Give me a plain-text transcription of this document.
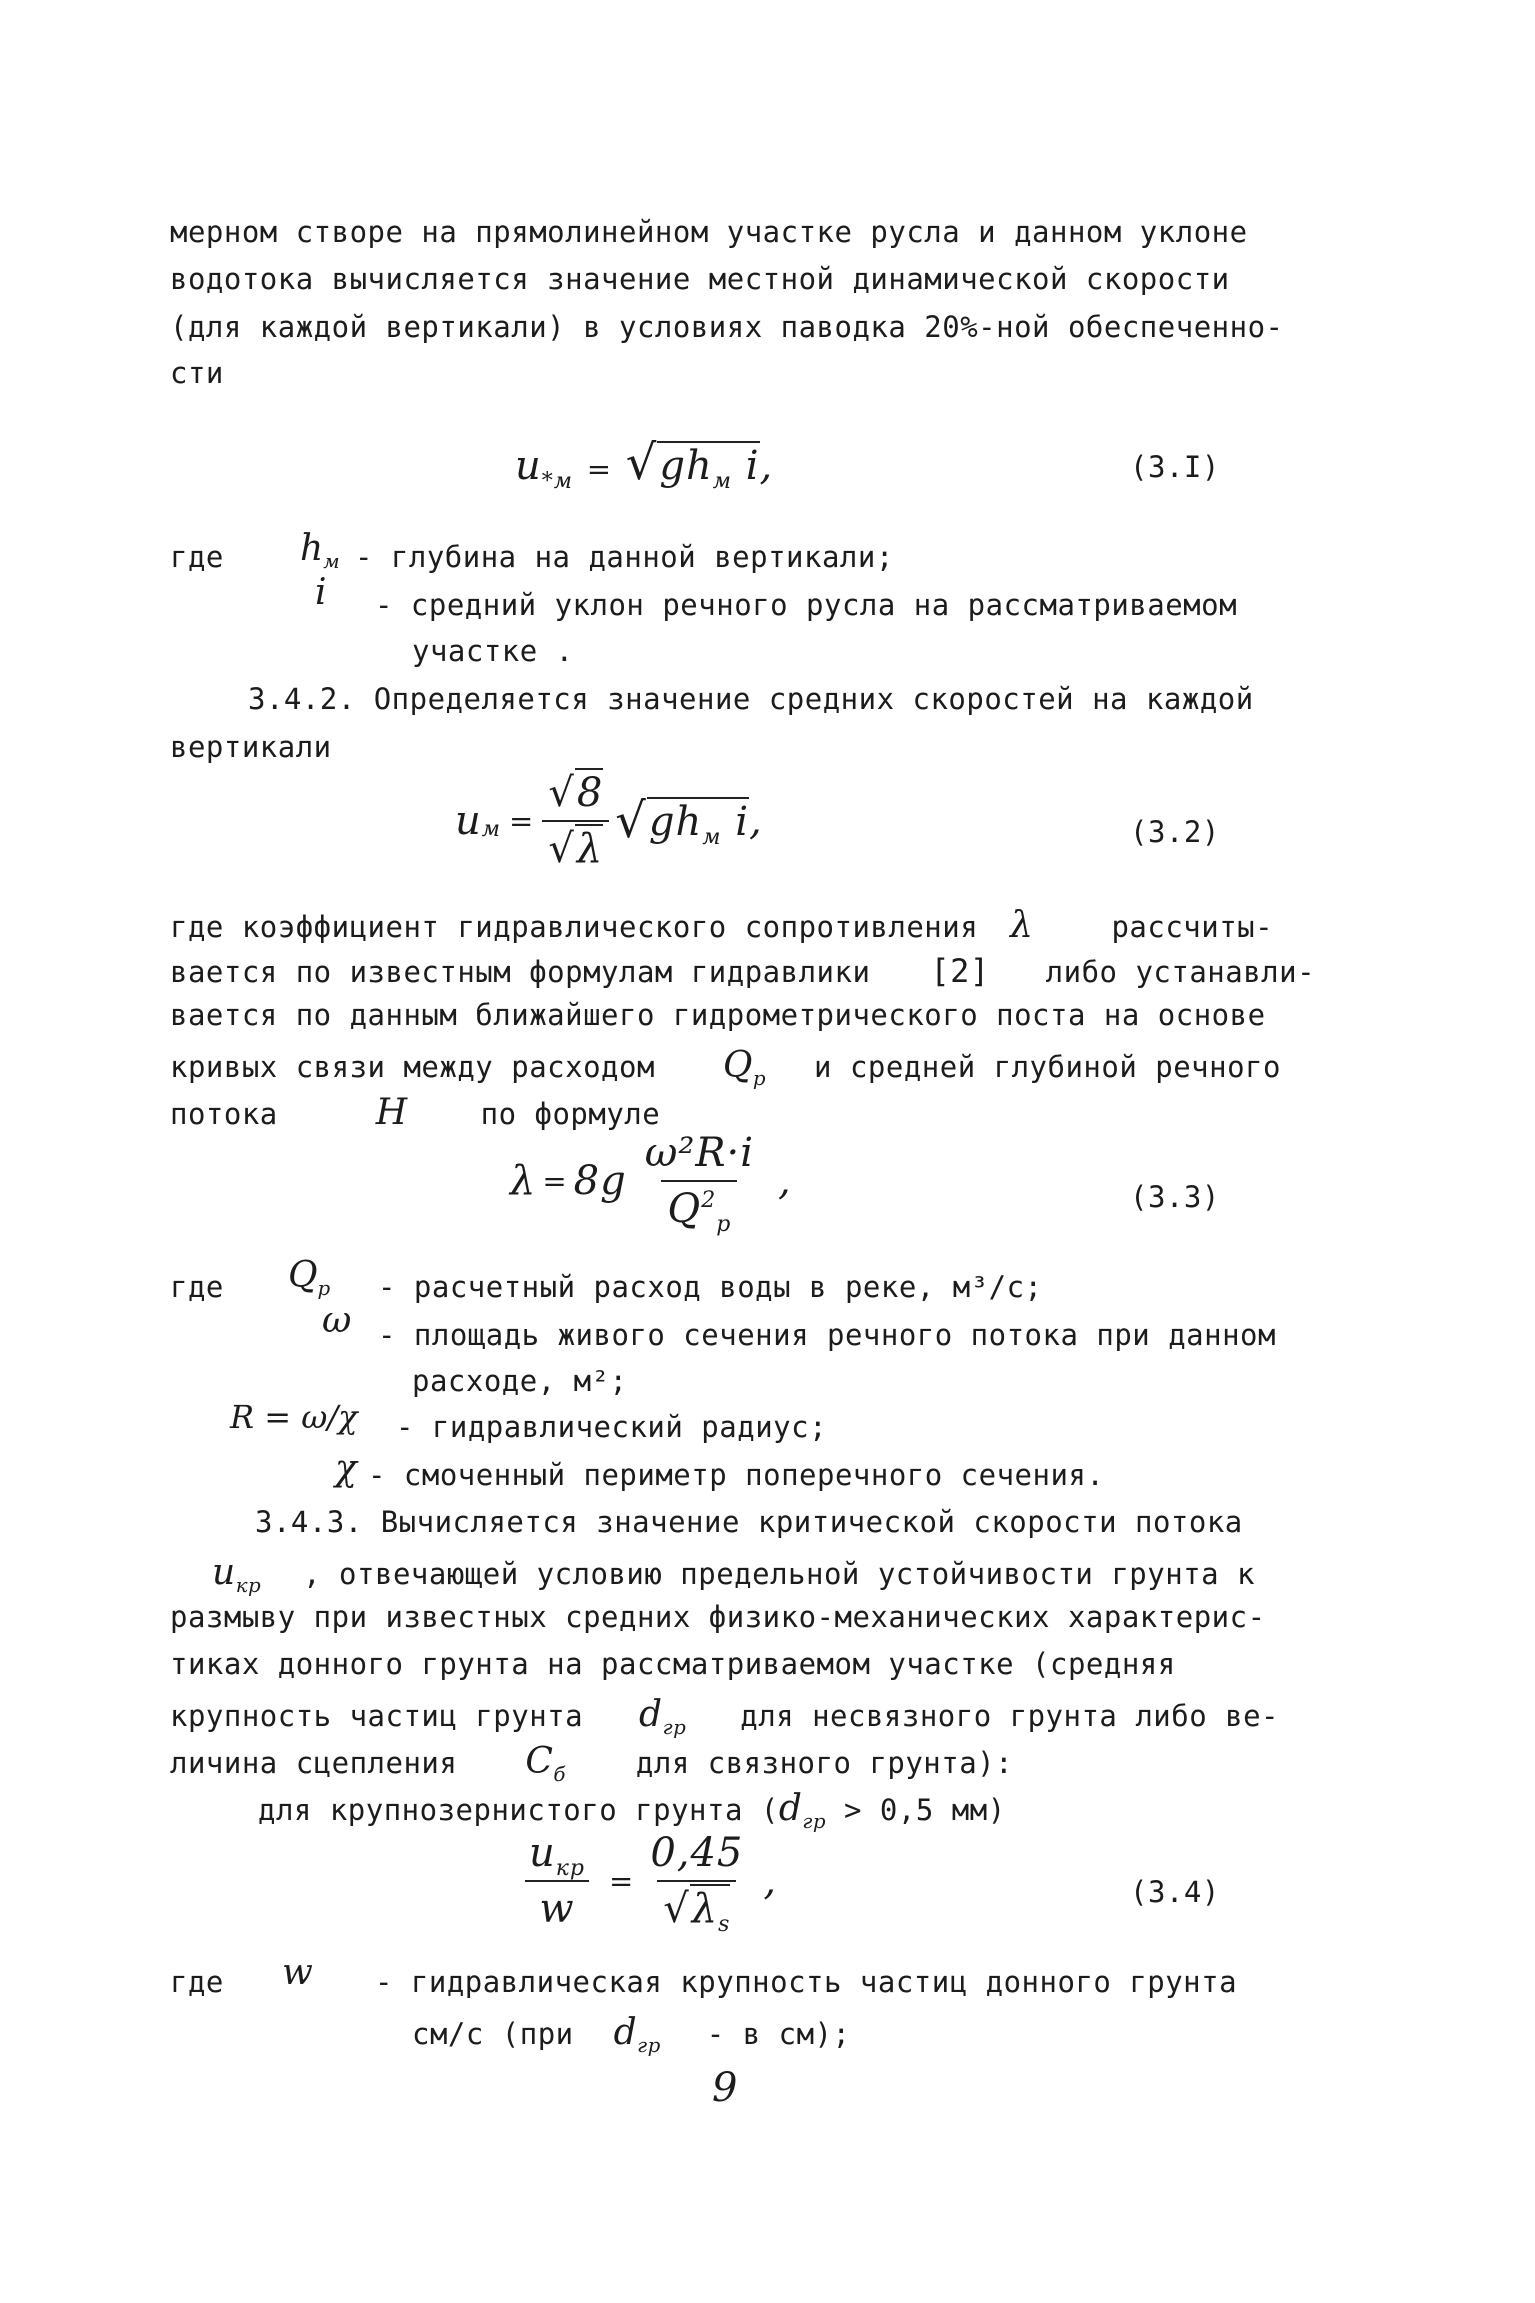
мерном створе на прямолинейном участке русла и данном уклоне
водотока вычисляется значение местной динамической скорости
(для каждой вертикали) в условиях паводка 20%-ной обеспеченно-
сти
$u_{*м} = √gh_м$ i,	(3.I)
где $h_м$ - глубина на данной вертикали;
i - средний уклон речного русла на рассматриваемом
участке .
3.4.2. Определяется значение средних скоростей на каждой
вертикали
u $м = \frac{√8}{√\lambda}$ √ $gh_м$ i ,	(3.2)
где коэффициент гидравлического сопротивления λ	рассчиты-
вается по известным формулам гидравлики [2] либо устанавли-
вается по данным ближайшего гидрометрического поста на основе
кривых связи между расходом $Q_р$ и средней глубиной речного
потока	H	по формуле
$\lambda = 8g \frac{\text{ω²R·i}}{Q^2_р}$ ,	(3.3)
где $Q_р$ - расчетный расход воды в реке, м³/с;
ω - площадь живого сечения речного потока при данном
расходе, м²;
R = ω/χ - гидравлический радиус;
χ - смоченный периметр поперечного сечения.
3.4.3. Вычисляется значение критической скорости потока
$u_{кр}$ , отвечающей условию предельной устойчивости грунта к
размыву при известных средних физико-механических характерис-
тиках донного грунта на рассматриваемом участке (средняя
крупность частиц грунта $d_{гр}$ для несвязного грунта либо ве-
личина сцепления $C_б$ для связного грунта):
для крупнозернистого грунта ($d_{гр} > 0,5$ мм)
$\frac{u_{кр}}{w} = \frac{0,45}{√\lambda_s}$ ,	(3.4)
где w - гидравлическая крупность частиц донного грунта
см/с (при $d_{гр}$ - в см);
9
